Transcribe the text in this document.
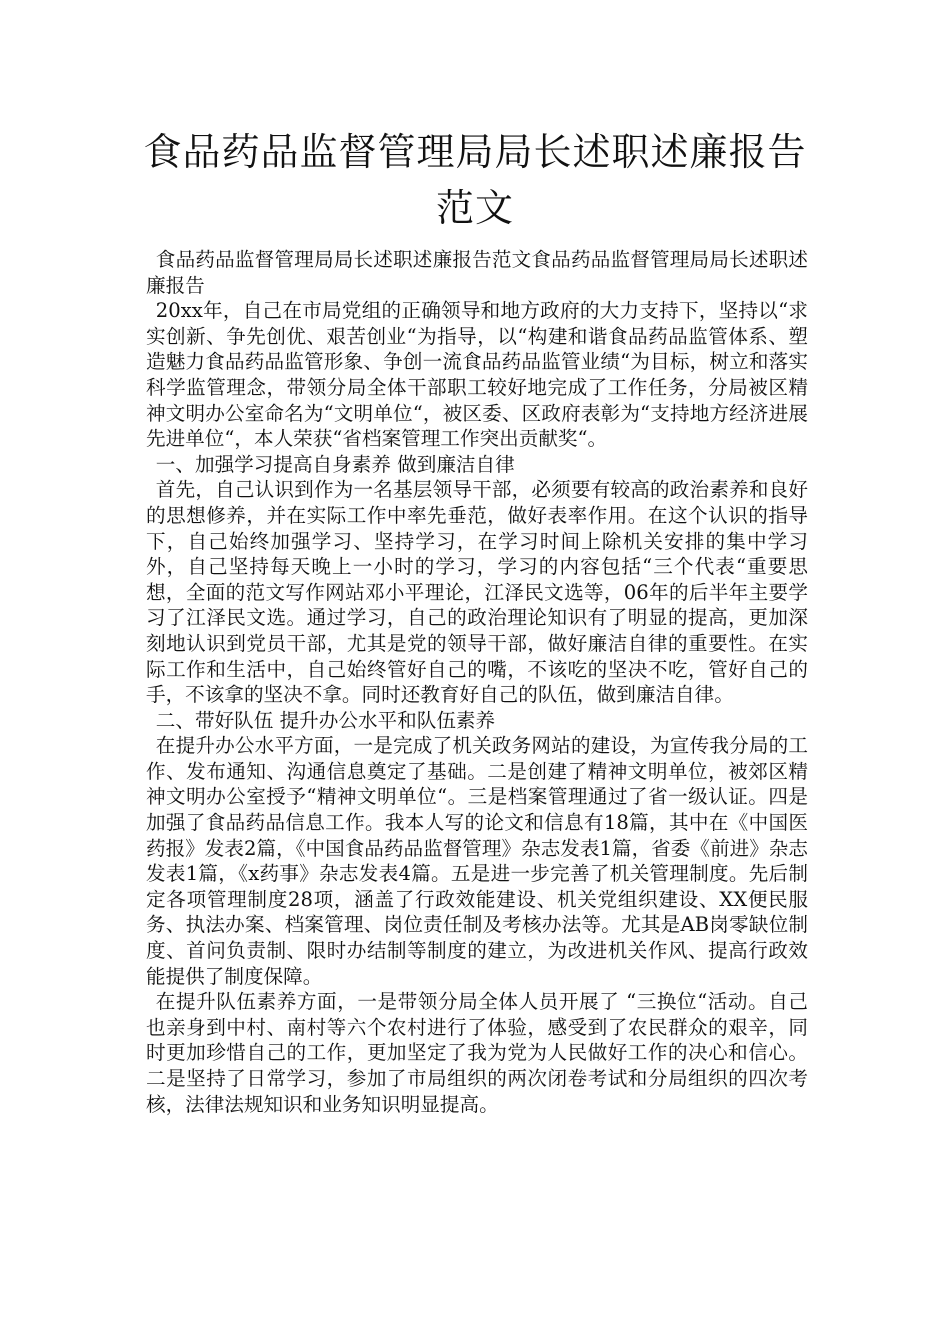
食品药品监督管理局局长述职述廉报告范文

食品药品监督管理局局长述职述廉报告范文食品药品监督管理局局长述职述廉报告

20xx年，自己在市局党组的正确领导和地方政府的大力支持下，坚持以“求实创新、争先创优、艰苦创业“为指导，以“构建和谐食品药品监管体系、塑造魅力食品药品监管形象、争创一流食品药品监管业绩“为目标，树立和落实科学监管理念，带领分局全体干部职工较好地完成了工作任务，分局被区精神文明办公室命名为“文明单位“，被区委、区政府表彰为“支持地方经济进展先进单位“，本人荣获“省档案管理工作突出贡献奖“。

一、加强学习提高自身素养 做到廉洁自律

首先，自己认识到作为一名基层领导干部，必须要有较高的政治素养和良好的思想修养，并在实际工作中率先垂范，做好表率作用。在这个认识的指导下，自己始终加强学习、坚持学习，在学习时间上除机关安排的集中学习外，自己坚持每天晚上一小时的学习，学习的内容包括“三个代表“重要思想，全面的范文写作网站邓小平理论，江泽民文选等，06年的后半年主要学习了江泽民文选。通过学习，自己的政治理论知识有了明显的提高，更加深刻地认识到党员干部，尤其是党的领导干部，做好廉洁自律的重要性。在实际工作和生活中，自己始终管好自己的嘴，不该吃的坚决不吃，管好自己的手，不该拿的坚决不拿。同时还教育好自己的队伍，做到廉洁自律。

二、带好队伍 提升办公水平和队伍素养

在提升办公水平方面，一是完成了机关政务网站的建设，为宣传我分局的工作、发布通知、沟通信息奠定了基础。二是创建了精神文明单位，被郊区精神文明办公室授予“精神文明单位“。三是档案管理通过了省一级认证。四是加强了食品药品信息工作。我本人写的论文和信息有18篇，其中在《中国医药报》发表2篇，《中国食品药品监督管理》杂志发表1篇，省委《前进》杂志发表1篇，《x药事》杂志发表4篇。五是进一步完善了机关管理制度。先后制定各项管理制度28项，涵盖了行政效能建设、机关党组织建设、XX便民服务、执法办案、档案管理、岗位责任制及考核办法等。尤其是AB岗零缺位制度、首问负责制、限时办结制等制度的建立，为改进机关作风、提高行政效能提供了制度保障。

在提升队伍素养方面，一是带领分局全体人员开展了 “三换位“活动。自己也亲身到中村、南村等六个农村进行了体验，感受到了农民群众的艰辛，同时更加珍惜自己的工作，更加坚定了我为党为人民做好工作的决心和信心。二是坚持了日常学习，参加了市局组织的两次闭卷考试和分局组织的四次考核，法律法规知识和业务知识明显提高。
